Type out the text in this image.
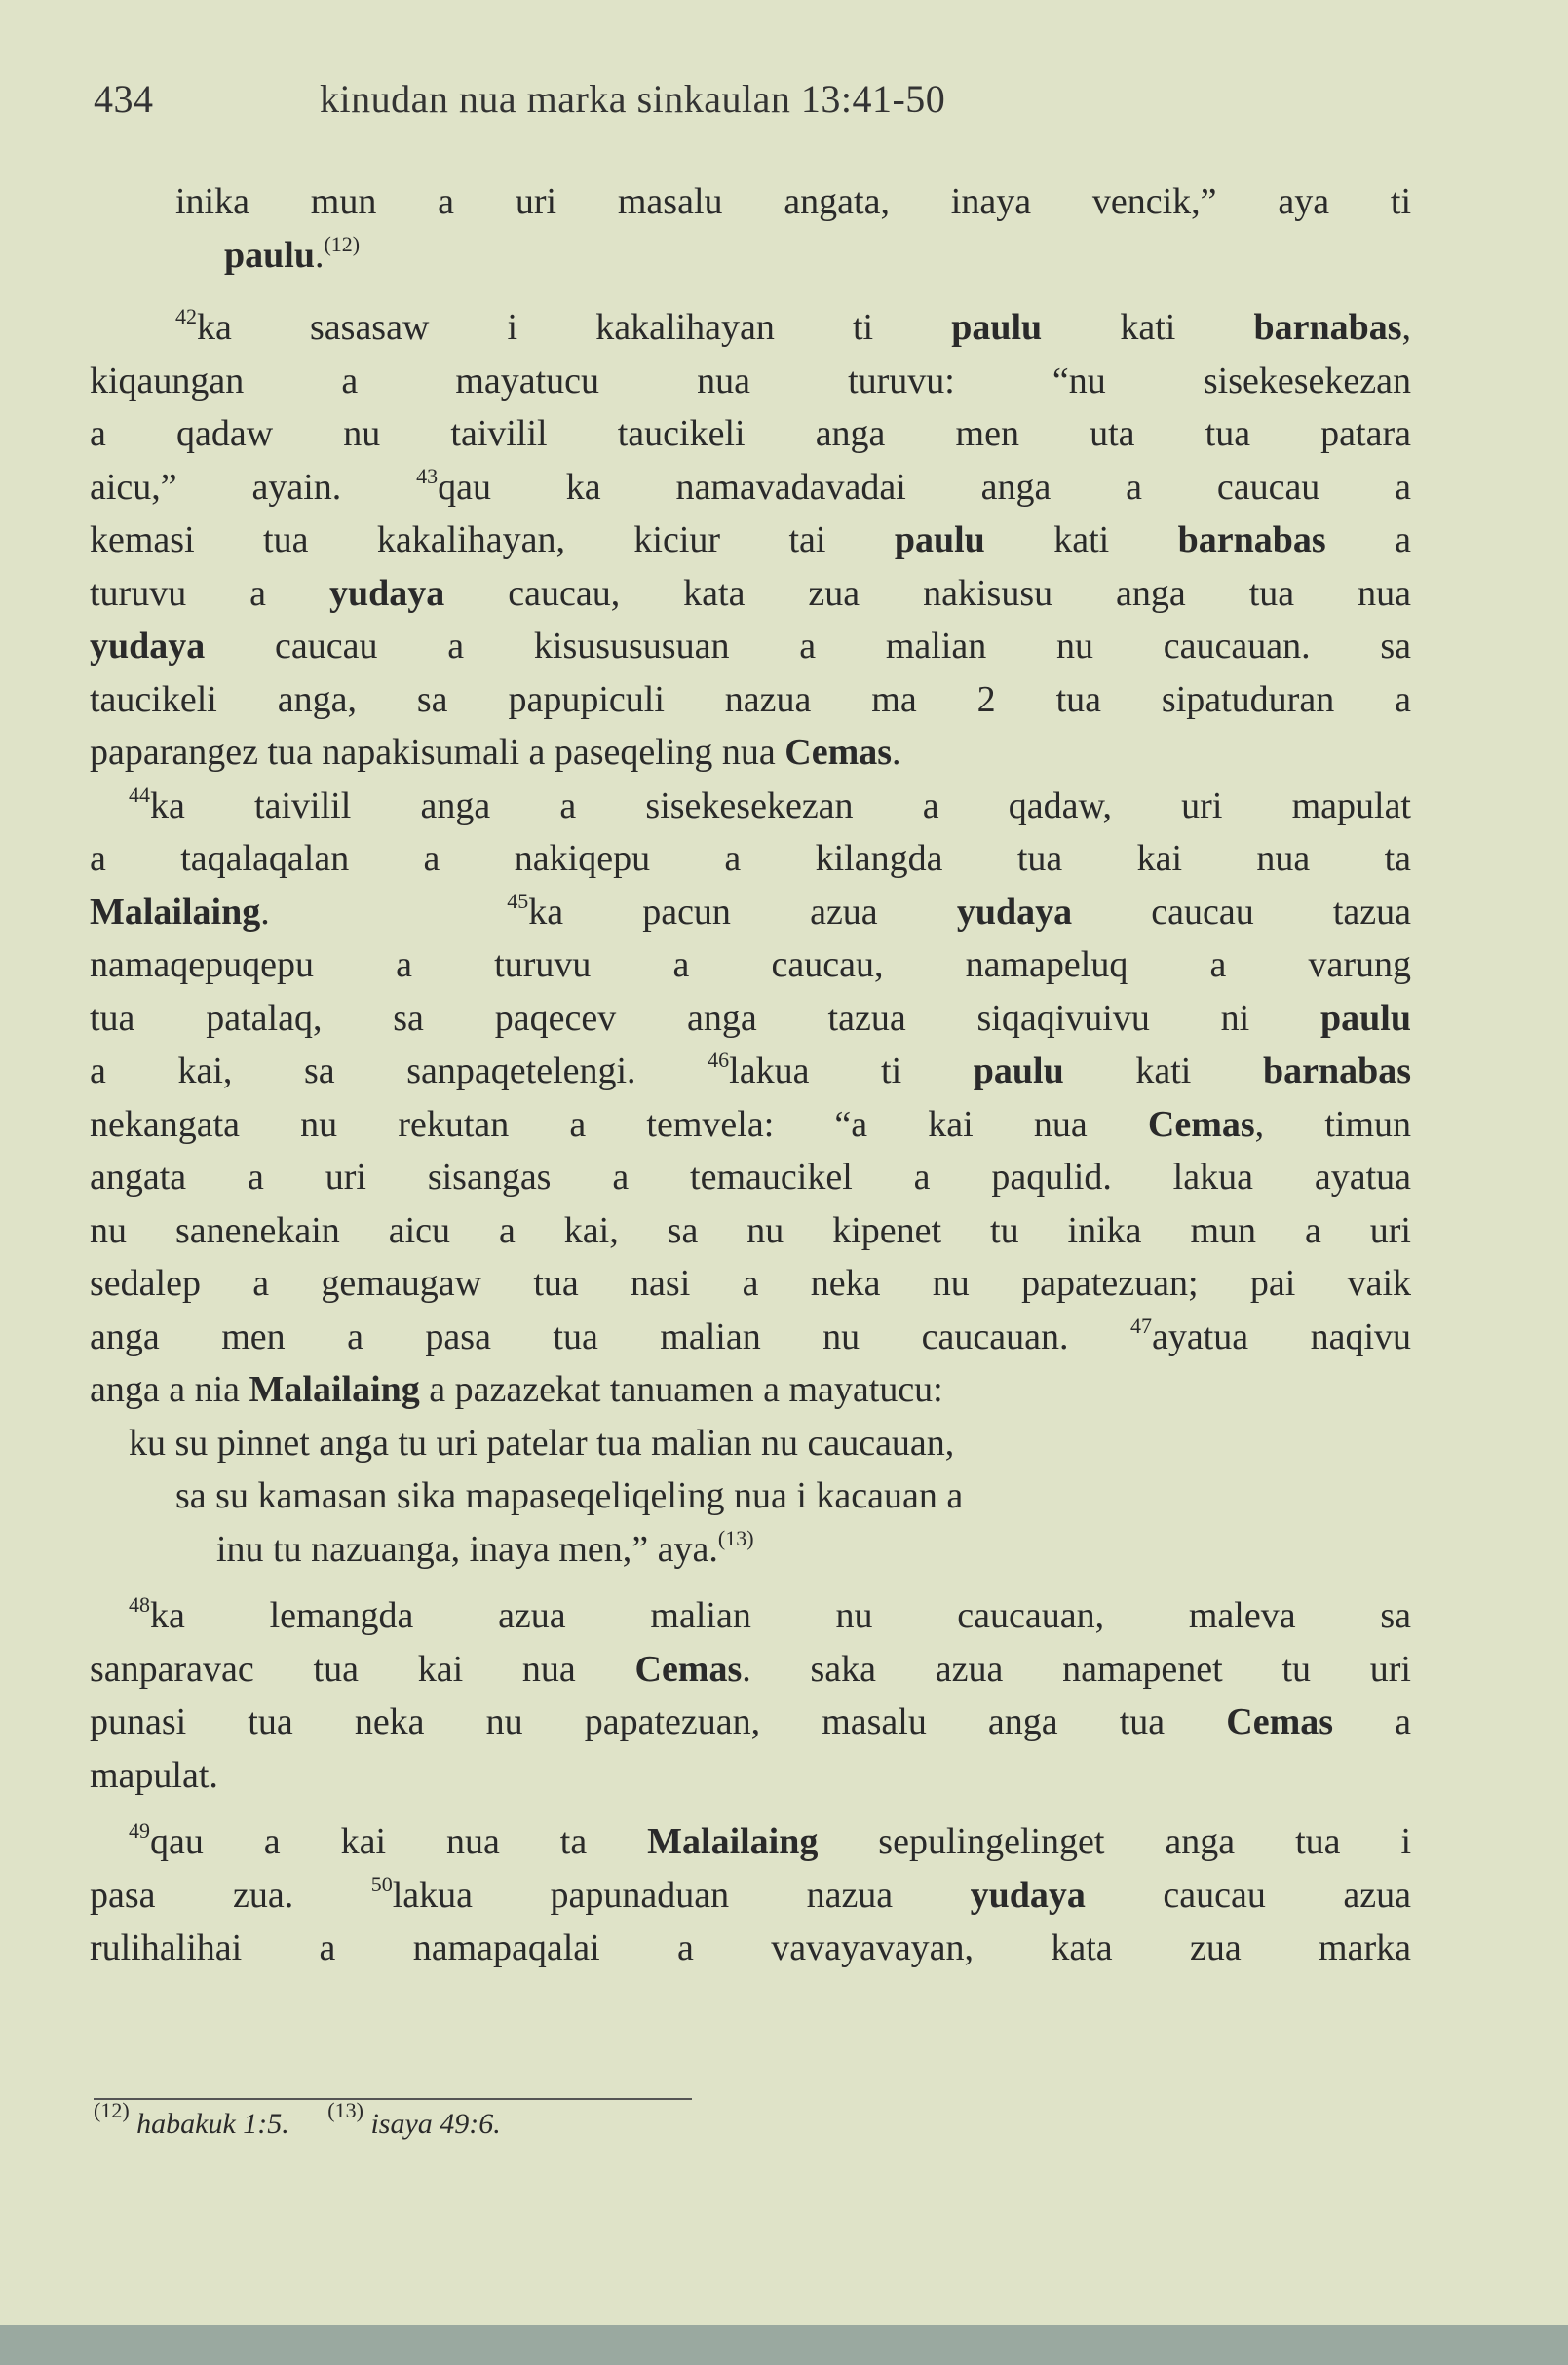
434	kinudan nua marka sinkaulan 13:41-50
inika mun a uri masalu angata, inaya vencik,” aya ti
paulu.$^{(12)}$
$^{42}$ka sasasaw i kakalihayan ti paulu kati barnabas,
kiqaungan a mayatucu nua turuvu: “nu sisekesekezan
a qadaw nu taivilil taucikeli anga men uta tua patara
aicu,” ayain. $^{43}$qau ka namavadavadai anga a caucau a
kemasi tua kakalihayan, kiciur tai paulu kati barnabas a
turuvu a yudaya caucau, kata zua nakisusu anga tua nua
yudaya caucau a kisusususuan a malian nu caucauan. sa
taucikeli anga, sa papupiculi nazua ma 2 tua sipatuduran a
paparangez tua napakisumali a paseqeling nua Cemas.
$^{44}$ka taivilil anga a sisekesekezan a qadaw, uri mapulat
a taqalaqalan a nakiqepu a kilangda tua kai nua ta
Malailaing.	$^{45}$ka pacun azua yudaya caucau tazua
namaqepuqepu a turuvu a caucau, namapeluq a varung
tua patalaq, sa paqecev anga tazua siqaqivuivu ni paulu
a kai, sa sanpaqetelengi. $^{46}$lakua ti paulu kati barnabas
nekangata nu rekutan a temvela: “a kai nua Cemas, timun
angata a uri sisangas a temaucikel a paqulid. lakua ayatua
nu sanenekain aicu a kai, sa nu kipenet tu inika mun a uri
sedalep a gemaugaw tua nasi a neka nu papatezuan; pai vaik
anga men a pasa tua malian nu caucauan. $^{47}$ayatua naqivu
anga a nia Malailaing a pazazekat tanuamen a mayatucu:
ku su pinnet anga tu uri patelar tua malian nu caucauan,
sa su kamasan sika mapaseqeliqeling nua i kacauan a
inu tu nazuanga, inaya men,” aya.$^{(13)}$
$^{48}$ka lemangda azua malian nu caucauan, maleva sa
sanparavac tua kai nua Cemas. saka azua namapenet tu uri
punasi tua neka nu papatezuan, masalu anga tua Cemas a
mapulat.
$^{49}$qau a kai nua ta Malailaing sepulingelinget anga tua i
pasa zua. $^{50}$lakua papunaduan nazua yudaya caucau azua
rulihalihai a namapaqalai a vavayavayan, kata zua marka
$^{(12)}$ habakuk 1:5. $^{(13)}$ isaya 49:6.
